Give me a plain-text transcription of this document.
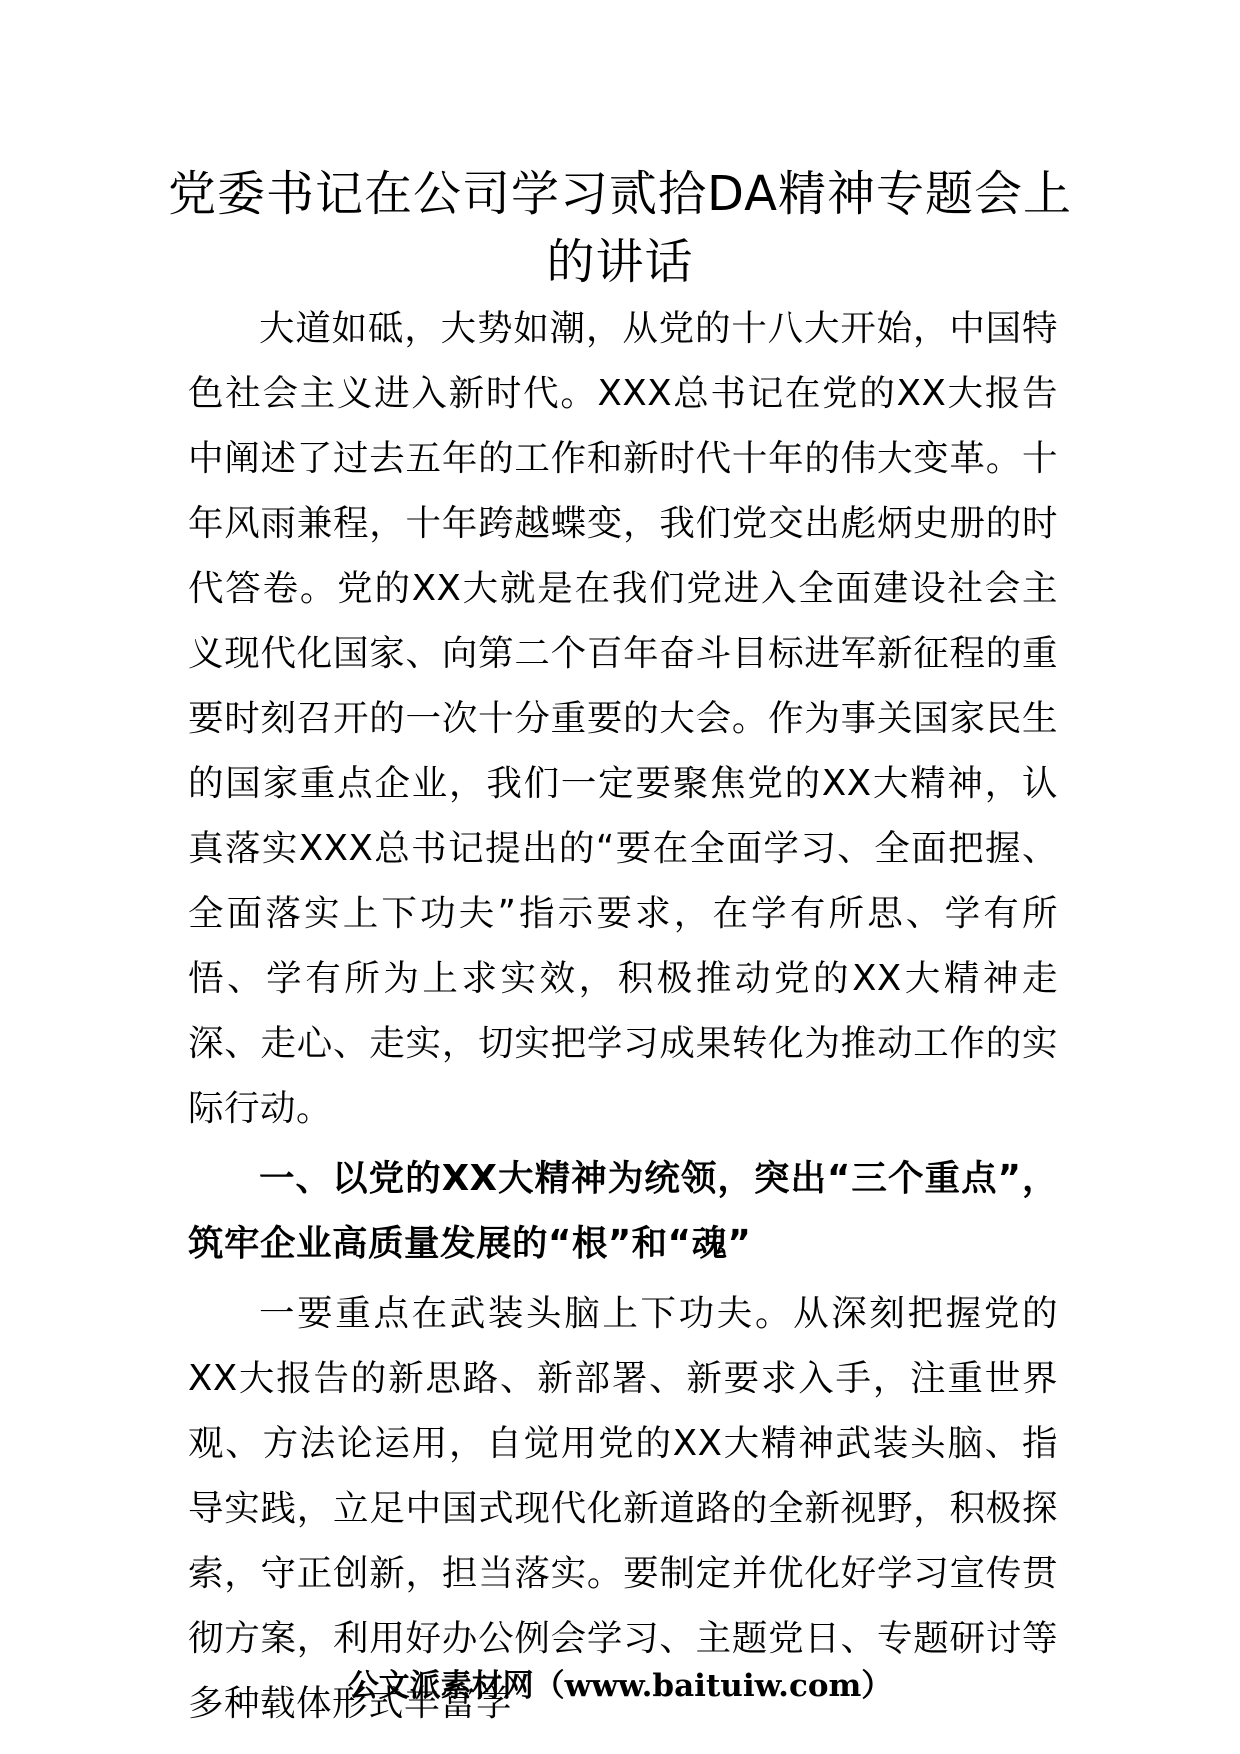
党委书记在公司学习贰拾DA精神专题会上
的讲话

大道如砥，大势如潮，从党的十八大开始，中国特色社会主义进入新时代。XXX总书记在党的XX大报告中阐述了过去五年的工作和新时代十年的伟大变革。十年风雨兼程，十年跨越蝶变，我们党交出彪炳史册的时代答卷。党的XX大就是在我们党进入全面建设社会主义现代化国家、向第二个百年奋斗目标进军新征程的重要时刻召开的一次十分重要的大会。作为事关国家民生的国家重点企业，我们一定要聚焦党的XX大精神，认真落实XXX总书记提出的“要在全面学习、全面把握、全面落实上下功夫”指示要求，在学有所思、学有所悟、学有所为上求实效，积极推动党的XX大精神走深、走心、走实，切实把学习成果转化为推动工作的实际行动。

一、以党的XX大精神为统领，突出“三个重点”，筑牢企业高质量发展的“根”和“魂”

一要重点在武装头脑上下功夫。从深刻把握党的XX大报告的新思路、新部署、新要求入手，注重世界观、方法论运用，自觉用党的XX大精神武装头脑、指导实践，立足中国式现代化新道路的全新视野，积极探索，守正创新，担当落实。要制定并优化好学习宣传贯彻方案，利用好办公例会学习、主题党日、专题研讨等多种载体形式丰富学

公文派素材网（www.baituiw.com）
